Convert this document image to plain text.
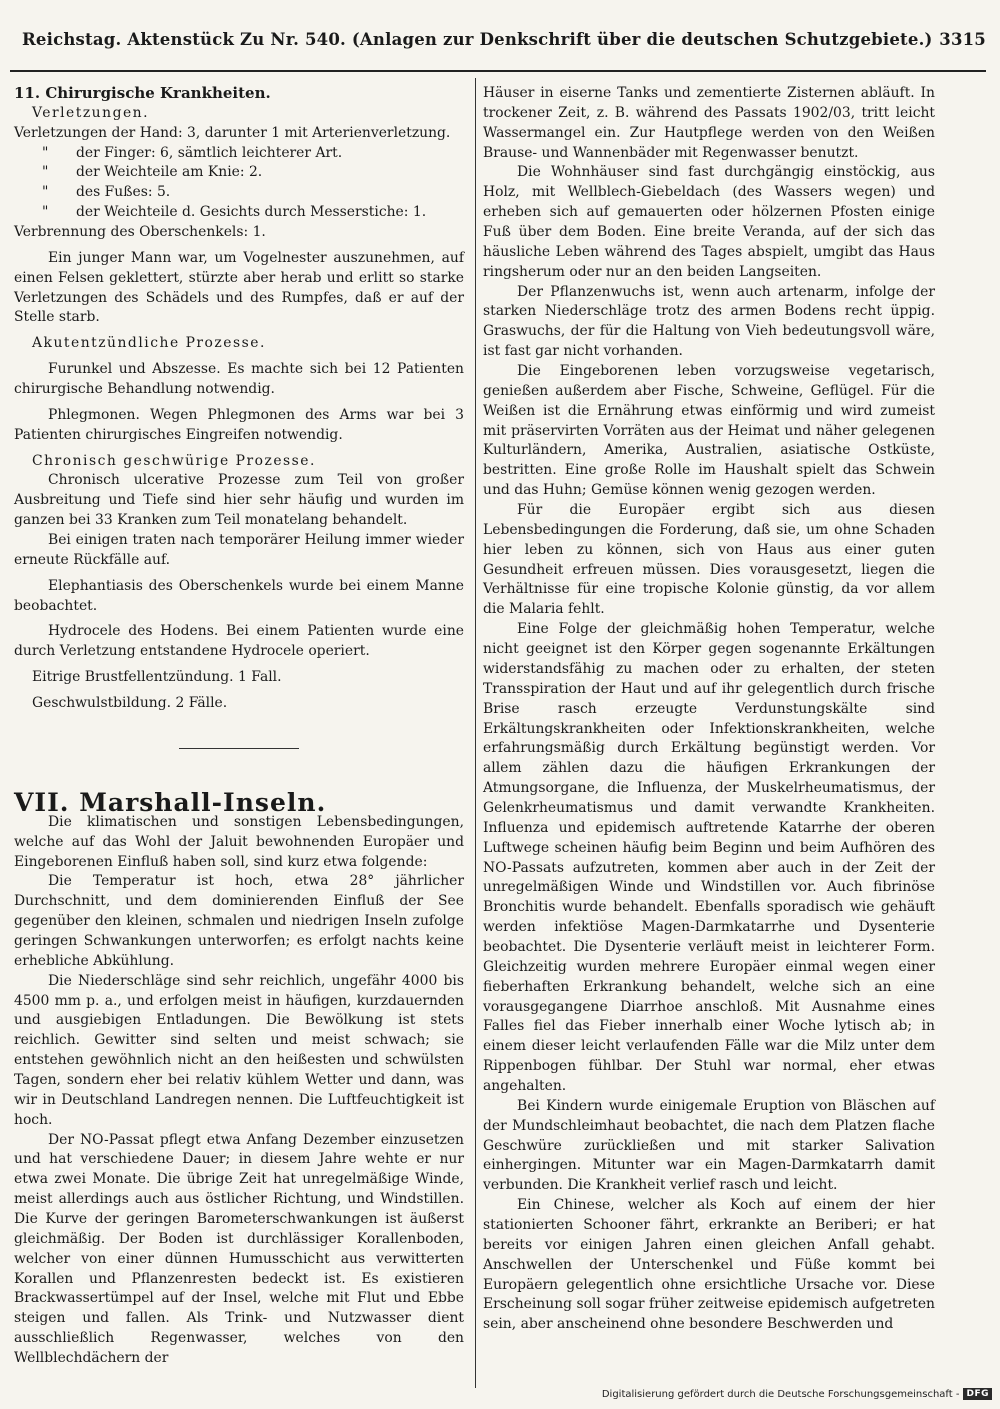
Reichstag. Aktenstück Zu Nr. 540. (Anlagen zur Denkschrift über die deutschen Schutzgebiete.) 3315

11. Chirurgische Krankheiten.

Verletzungen.

Verletzungen der Hand: 3, darunter 1 mit Arterienverletzung.

" der Finger: 6, sämtlich leichterer Art.

" der Weichteile am Knie: 2.

" des Fußes: 5.

" der Weichteile d. Gesichts durch Messerstiche: 1.

Verbrennung des Oberschenkels: 1.

Ein junger Mann war, um Vogelnester auszunehmen, auf einen Felsen geklettert, stürzte aber herab und erlitt so starke Verletzungen des Schädels und des Rumpfes, daß er auf der Stelle starb.

Akutentzündliche Prozesse.

Furunkel und Abszesse. Es machte sich bei 12 Patienten chirurgische Behandlung notwendig.

Phlegmonen. Wegen Phlegmonen des Arms war bei 3 Patienten chirurgisches Eingreifen notwendig.

Chronisch geschwürige Prozesse.

Chronisch ulcerative Prozesse zum Teil von großer Ausbreitung und Tiefe sind hier sehr häufig und wurden im ganzen bei 33 Kranken zum Teil monatelang behandelt.

Bei einigen traten nach temporärer Heilung immer wieder erneute Rückfälle auf.

Elephantiasis des Oberschenkels wurde bei einem Manne beobachtet.

Hydrocele des Hodens. Bei einem Patienten wurde eine durch Verletzung entstandene Hydrocele operiert.

Eitrige Brustfellentzündung. 1 Fall.

Geschwulstbildung. 2 Fälle.

VII. Marshall-Inseln.

Die klimatischen und sonstigen Lebensbedingungen, welche auf das Wohl der Jaluit bewohnenden Europäer und Eingeborenen Einfluß haben soll, sind kurz etwa folgende:

Die Temperatur ist hoch, etwa 28° jährlicher Durchschnitt, und dem dominierenden Einfluß der See gegenüber den kleinen, schmalen und niedrigen Inseln zufolge geringen Schwankungen unterworfen; es erfolgt nachts keine erhebliche Abkühlung.

Die Niederschläge sind sehr reichlich, ungefähr 4000 bis 4500 mm p. a., und erfolgen meist in häufigen, kurzdauernden und ausgiebigen Entladungen. Die Bewölkung ist stets reichlich. Gewitter sind selten und meist schwach; sie entstehen gewöhnlich nicht an den heißesten und schwülsten Tagen, sondern eher bei relativ kühlem Wetter und dann, was wir in Deutschland Landregen nennen. Die Luftfeuchtigkeit ist hoch.

Der NO-Passat pflegt etwa Anfang Dezember einzusetzen und hat verschiedene Dauer; in diesem Jahre wehte er nur etwa zwei Monate. Die übrige Zeit hat unregelmäßige Winde, meist allerdings auch aus östlicher Richtung, und Windstillen. Die Kurve der geringen Barometerschwankungen ist äußerst gleichmäßig. Der Boden ist durchlässiger Korallenboden, welcher von einer dünnen Humusschicht aus verwitterten Korallen und Pflanzenresten bedeckt ist. Es existieren Brackwassertümpel auf der Insel, welche mit Flut und Ebbe steigen und fallen. Als Trink- und Nutzwasser dient ausschließlich Regenwasser, welches von den Wellblechdächern der

Häuser in eiserne Tanks und zementierte Zisternen abläuft. In trockener Zeit, z. B. während des Passats 1902/03, tritt leicht Wassermangel ein. Zur Hautpflege werden von den Weißen Brause- und Wannenbäder mit Regenwasser benutzt.

Die Wohnhäuser sind fast durchgängig einstöckig, aus Holz, mit Wellblech-Giebeldach (des Wassers wegen) und erheben sich auf gemauerten oder hölzernen Pfosten einige Fuß über dem Boden. Eine breite Veranda, auf der sich das häusliche Leben während des Tages abspielt, umgibt das Haus ringsherum oder nur an den beiden Langseiten.

Der Pflanzenwuchs ist, wenn auch artenarm, infolge der starken Niederschläge trotz des armen Bodens recht üppig. Graswuchs, der für die Haltung von Vieh bedeutungsvoll wäre, ist fast gar nicht vorhanden.

Die Eingeborenen leben vorzugsweise vegetarisch, genießen außerdem aber Fische, Schweine, Geflügel. Für die Weißen ist die Ernährung etwas einförmig und wird zumeist mit präservirten Vorräten aus der Heimat und näher gelegenen Kulturländern, Amerika, Australien, asiatische Ostküste, bestritten. Eine große Rolle im Haushalt spielt das Schwein und das Huhn; Gemüse können wenig gezogen werden.

Für die Europäer ergibt sich aus diesen Lebensbedingungen die Forderung, daß sie, um ohne Schaden hier leben zu können, sich von Haus aus einer guten Gesundheit erfreuen müssen. Dies vorausgesetzt, liegen die Verhältnisse für eine tropische Kolonie günstig, da vor allem die Malaria fehlt.

Eine Folge der gleichmäßig hohen Temperatur, welche nicht geeignet ist den Körper gegen sogenannte Erkältungen widerstandsfähig zu machen oder zu erhalten, der steten Transspiration der Haut und auf ihr gelegentlich durch frische Brise rasch erzeugte Verdunstungskälte sind Erkältungskrankheiten oder Infektionskrankheiten, welche erfahrungsmäßig durch Erkältung begünstigt werden. Vor allem zählen dazu die häufigen Erkrankungen der Atmungsorgane, die Influenza, der Muskelrheumatismus, der Gelenkrheumatismus und damit verwandte Krankheiten. Influenza und epidemisch auftretende Katarrhe der oberen Luftwege scheinen häufig beim Beginn und beim Aufhören des NO-Passats aufzutreten, kommen aber auch in der Zeit der unregelmäßigen Winde und Windstillen vor. Auch fibrinöse Bronchitis wurde behandelt. Ebenfalls sporadisch wie gehäuft werden infektiöse Magen-Darmkatarrhe und Dysenterie beobachtet. Die Dysenterie verläuft meist in leichterer Form. Gleichzeitig wurden mehrere Europäer einmal wegen einer fieberhaften Erkrankung behandelt, welche sich an eine vorausgegangene Diarrhoe anschloß. Mit Ausnahme eines Falles fiel das Fieber innerhalb einer Woche lytisch ab; in einem dieser leicht verlaufenden Fälle war die Milz unter dem Rippenbogen fühlbar. Der Stuhl war normal, eher etwas angehalten.

Bei Kindern wurde einigemale Eruption von Bläschen auf der Mundschleimhaut beobachtet, die nach dem Platzen flache Geschwüre zurückließen und mit starker Salivation einhergingen. Mitunter war ein Magen-Darmkatarrh damit verbunden. Die Krankheit verlief rasch und leicht.

Ein Chinese, welcher als Koch auf einem der hier stationierten Schooner fährt, erkrankte an Beriberi; er hat bereits vor einigen Jahren einen gleichen Anfall gehabt. Anschwellen der Unterschenkel und Füße kommt bei Europäern gelegentlich ohne ersichtliche Ursache vor. Diese Erscheinung soll sogar früher zeitweise epidemisch aufgetreten sein, aber anscheinend ohne besondere Beschwerden und

Digitalisierung gefördert durch die Deutsche Forschungsgemeinschaft - DFG
